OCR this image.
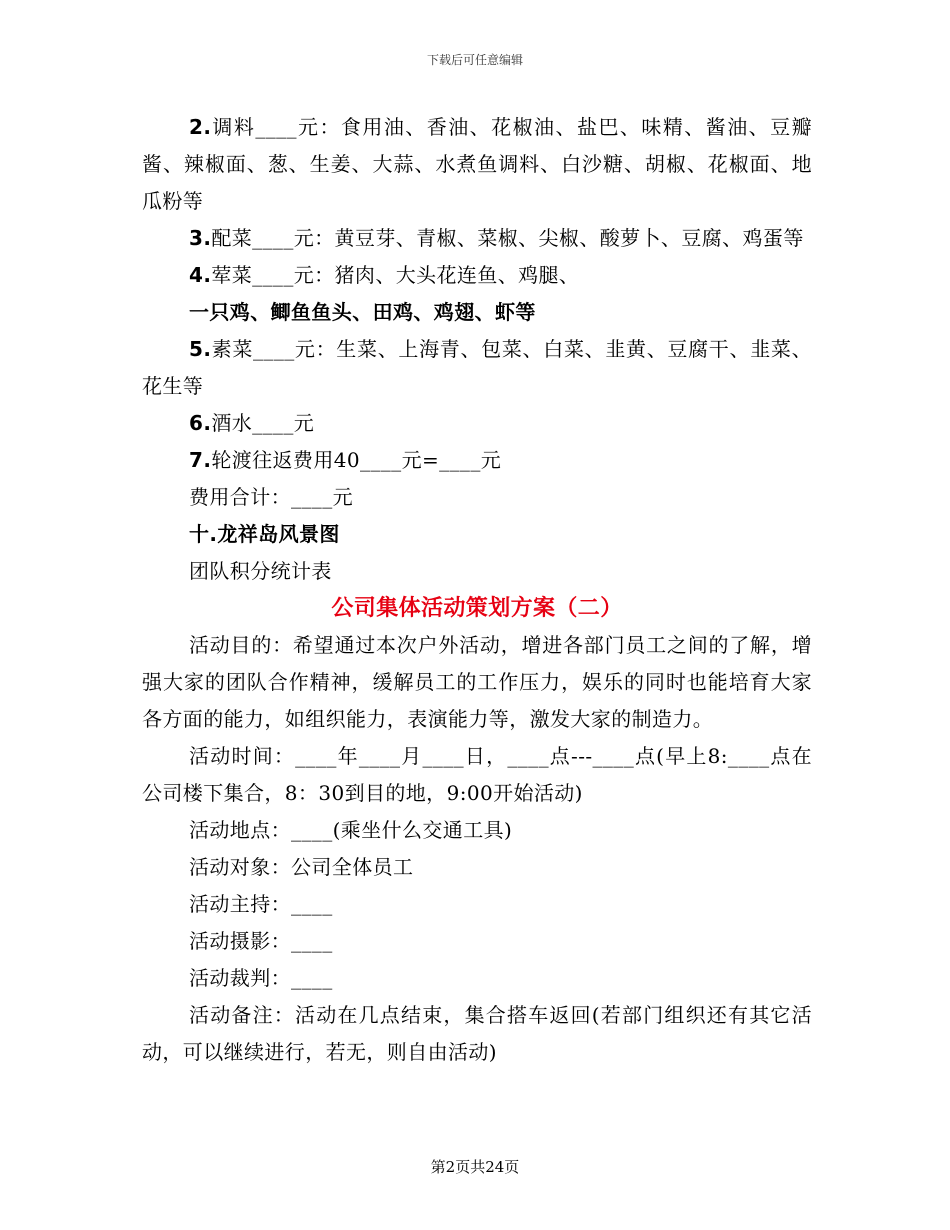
下载后可任意编辑

2.调料____元：食用油、香油、花椒油、盐巴、味精、酱油、豆瓣酱、辣椒面、葱、生姜、大蒜、水煮鱼调料、白沙糖、胡椒、花椒面、地瓜粉等

3.配菜____元：黄豆芽、青椒、菜椒、尖椒、酸萝卜、豆腐、鸡蛋等

4.荤菜____元：猪肉、大头花连鱼、鸡腿、

一只鸡、鲫鱼鱼头、田鸡、鸡翅、虾等

5.素菜____元：生菜、上海青、包菜、白菜、韭黄、豆腐干、韭菜、花生等

6.酒水____元

7.轮渡往返费用40____元=____元

费用合计：____元

十.龙祥岛风景图

团队积分统计表

公司集体活动策划方案（二）

活动目的：希望通过本次户外活动，增进各部门员工之间的了解，增强大家的团队合作精神，缓解员工的工作压力，娱乐的同时也能培育大家各方面的能力，如组织能力，表演能力等，激发大家的制造力。

活动时间：____年____月____日，____点---____点(早上8:____点在公司楼下集合，8：30到目的地，9:00开始活动)

活动地点：____(乘坐什么交通工具)

活动对象：公司全体员工

活动主持：____

活动摄影：____

活动裁判：____

活动备注：活动在几点结束，集合搭车返回(若部门组织还有其它活动，可以继续进行，若无，则自由活动)

第2页共24页
